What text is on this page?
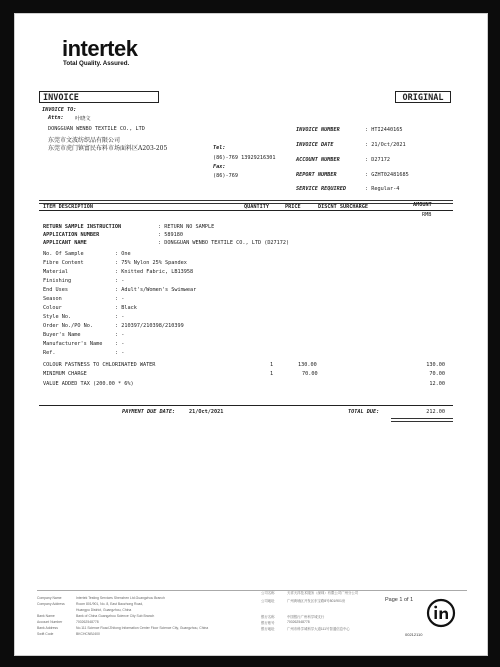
intertek
Total Quality. Assured.
INVOICE	ORIGINAL
INVOICE TO:
Attn: 叶晓文
DONGGUAN WENBO TEXTILE CO., LTD
东莞市文波纺织品有限公司
东莞市虎门镇富民布料市场面料区A203-205	Tel:
(86)-769 13929216301
Fax:
(86)-769
INVOICE NUMBER	: HTI2440165
INVOICE DATE	: 21/Oct/2021
ACCOUNT NUMBER	: D27172
REPORT NUMBER	: GZHT02481685
SERVICE REQUIRED	: Regular-4
ITEM DESCRIPTION	QUANTITY	PRICE	DISCNT SURCHARGE	AMOUNT
RMB
RETURN SAMPLE INSTRUCTION	: RETURN NO SAMPLE
APPLICATION NUMBER	: 589180
APPLICANT NAME	: DONGGUAN WENBO TEXTILE CO., LTD (D27172)
No. Of Sample	: One
Fibre Content	: 75% Nylon 25% Spandex
Material	: Knitted Fabric, LB13958
Finishing	: -
End Uses	: Adult's/Women's Swimwear
Season	: -
Colour	: Black
Style No.	: -
Order No./PO No.	: 210397/210398/210399
Buyer's Name	: -
Manufacturer's Name : -
Ref.	: -
COLOUR FASTNESS TO CHLORINATED WATER	1	130.00	130.00
MINIMUM CHARGE	1	70.00	70.00
VALUE ADDED TAX (200.00 * 6%)	12.00
PAYMENT DUE DATE:	21/Oct/2021	TOTAL DUE:	212.00
Company Name	Intertek Testing Services Shenzhen Ltd.Guangzhou Branch
Company Address	Room 801/901, No. 8, East Baozhong Road,
Huangpu District, Guangzhou, China
Bank Name	Bank of China Guangzhou Science City Sub Branch
Account Number	700262548778
Bank Address	No.111 Science Road Zhitong Information Center Floor Science City, Guangzhou, China
Swift Code	BKCHCNBJ400
公司名称	天祥天祥技术服务（深圳）有限公司广州分公司
公司地址	广州黄埔区开发区东宝路8号801/901房
银行名称	中国银行广州科学城支行
银行账号	700262548778
银行地址	广州市科学城科学大道111号智通信息中心
Page 1 of 1
00212110
